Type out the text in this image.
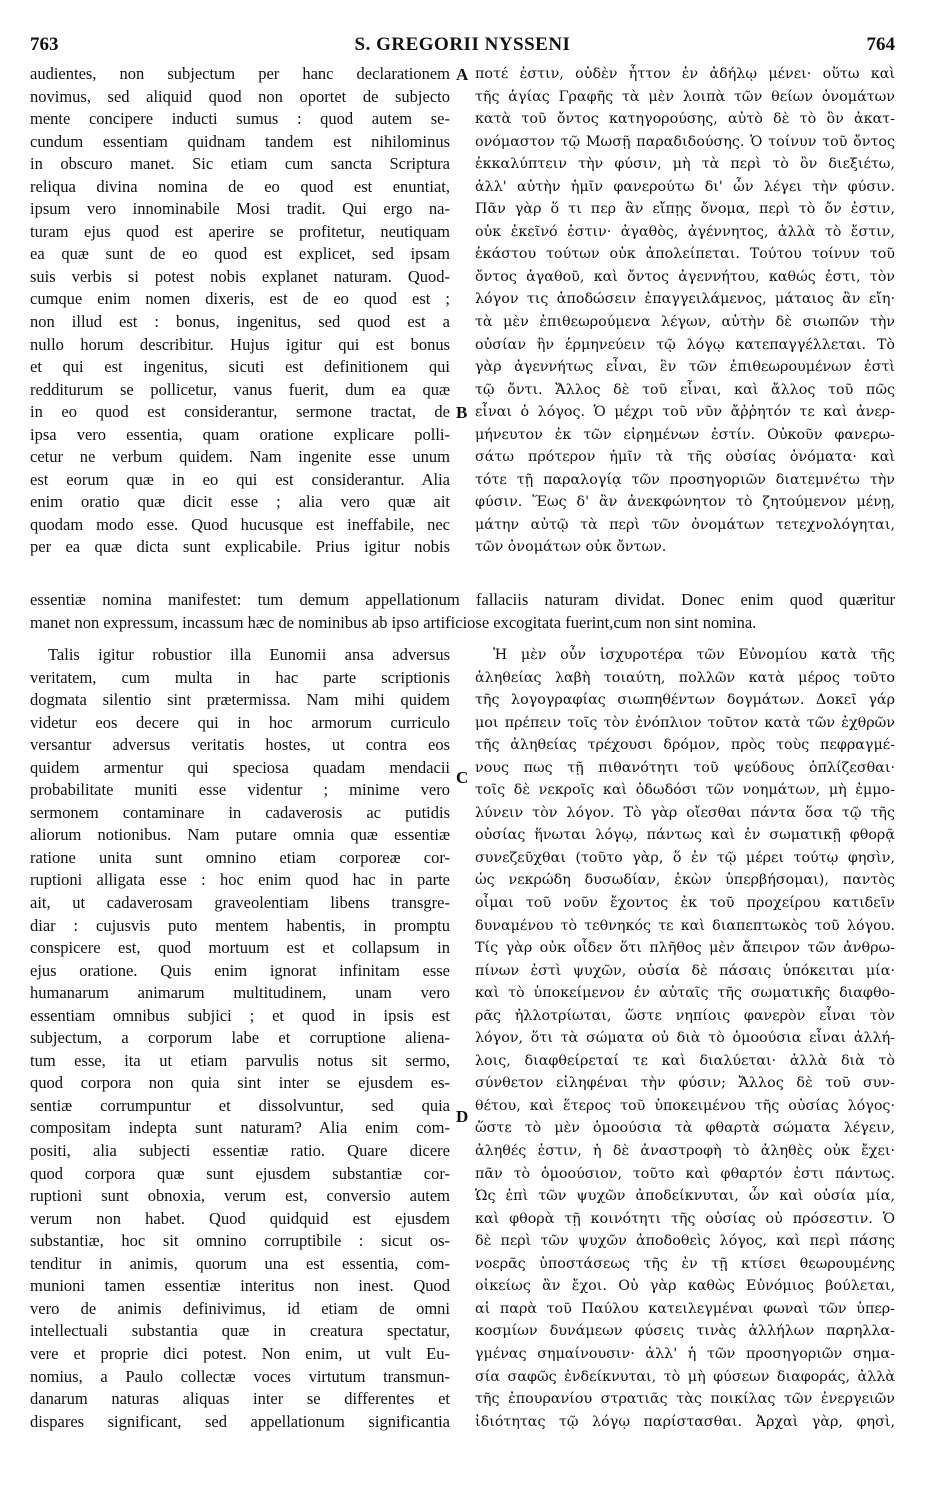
763	S. GREGORII NYSSENI	764
audientes, non subjectum per hanc declarationem
novimus, sed aliquid quod non oportet de subjecto
mente concipere inducti sumus : quod autem se-
cundum essentiam quidnam tandem est nihilominus
in obscuro manet. Sic etiam cum sancta Scriptura
reliqua divina nomina de eo quod est enuntiat,
ipsum vero innominabile Mosi tradit. Qui ergo na-
turam ejus quod est aperire se profitetur, neutiquam
ea quæ sunt de eo quod est explicet, sed ipsam
suis verbis si potest nobis explanet naturam. Quod-
cumque enim nomen dixeris, est de eo quod est ;
non illud est : bonus, ingenitus, sed quod est a
nullo horum describitur. Hujus igitur qui est bonus
et qui est ingenitus, sicuti est definitionem qui
redditurum se pollicetur, vanus fuerit, dum ea quæ
in eo quod est considerantur, sermone tractat, de
ipsa vero essentia, quam oratione explicare polli-
cetur ne verbum quidem. Nam ingenite esse unum
est eorum quæ in eo qui est considerantur. Alia
enim oratio quæ dicit esse ; alia vero quæ ait
quodam modo esse. Quod hucusque est ineffabile, nec
per ea quæ dicta sunt explicabile. Prius igitur nobis
ποτέ ἐστιν, οὐδὲν ἧττον ἐν ἀδήλῳ μένει· οὕτω καὶ
τῆς ἁγίας Γραφῆς τὰ μὲν λοιπὰ τῶν θείων ὀνομάτων
κατὰ τοῦ ὄντος κατηγορούσης, αὐτὸ δὲ τὸ ὂν ἀκατ-
ονόμαστον τῷ Μωσῇ παραδιδούσης. Ὁ τοίνυν τοῦ ὄντος
ἐκκαλύπτειν τὴν φύσιν, μὴ τὰ περὶ τὸ ὂν διεξιέτω,
ἀλλ' αὐτὴν ἡμῖν φανερούτω δι' ὧν λέγει τὴν φύσιν.
Πᾶν γὰρ ὅ τι περ ἂν εἴπῃς ὄνομα, περὶ τὸ ὄν ἐστιν,
οὐκ ἐκεῖνό ἐστιν· ἀγαθὸς, ἀγέννητος, ἀλλὰ τὸ ἔστιν,
ἑκάστου τούτων οὐκ ἀπολείπεται. Τούτου τοίνυν τοῦ
ὄντος ἀγαθοῦ, καὶ ὄντος ἀγεννήτου, καθώς ἐστι, τὸν
λόγον τις ἀποδώσειν ἐπαγγειλάμενος, μάταιος ἂν εἴη·
τὰ μὲν ἐπιθεωρούμενα λέγων, αὐτὴν δὲ σιωπῶν τὴν
οὐσίαν ἣν ἑρμηνεύειν τῷ λόγῳ κατεπαγγέλλεται. Τὸ
γὰρ ἀγεννήτως εἶναι, ἓν τῶν ἐπιθεωρουμένων ἐστὶ
τῷ ὄντι. Ἄλλος δὲ τοῦ εἶναι, καὶ ἄλλος τοῦ πῶς
εἶναι ὁ λόγος. Ὁ μέχρι τοῦ νῦν ἄῤῥητόν τε καὶ ἀνερ-
μήνευτον ἐκ τῶν εἰρημένων ἐστίν. Οὐκοῦν φανερω-
σάτω πρότερον ἡμῖν τὰ τῆς οὐσίας ὀνόματα· καὶ
τότε τῇ παραλογίᾳ τῶν προσηγοριῶν διατεμνέτω τὴν
φύσιν. Ἕως δ' ἂν ἀνεκφώνητον τὸ ζητούμενον μένῃ,
μάτην αὐτῷ τὰ περὶ τῶν ὀνομάτων τετεχνολόγηται,
τῶν ὀνομάτων οὐκ ὄντων.
essentiæ nomina manifestet: tum demum appellationum fallaciis naturam dividat. Donec enim quod quæritur
manet non expressum, incassum hæc de nominibus ab ipso artificiose excogitata fuerint,cum non sint nomina.
Talis igitur robustior illa Eunomii ansa adversus
veritatem, cum multa in hac parte scriptionis
dogmata silentio sint prætermissa. Nam mihi quidem
videtur eos decere qui in hoc armorum curriculo
versantur adversus veritatis hostes, ut contra eos
quidem armentur qui speciosa quadam mendacii
probabilitate muniti esse videntur ; minime vero
sermonem contaminare in cadaverosis ac putidis
aliorum notionibus. Nam putare omnia quæ essentiæ
ratione unita sunt omnino etiam corporeæ cor-
ruptioni alligata esse : hoc enim quod hac in parte
ait, ut cadaverosam graveolentiam libens transgre-
diar : cujusvis puto mentem habentis, in promptu
conspicere est, quod mortuum est et collapsum in
ejus oratione. Quis enim ignorat infinitam esse
humanarum animarum multitudinem, unam vero
essentiam omnibus subjici ; et quod in ipsis est
subjectum, a corporum labe et corruptione aliena-
tum esse, ita ut etiam parvulis notus sit sermo,
quod corpora non quia sint inter se ejusdem es-
sentiæ corrumpuntur et dissolvuntur, sed quia
compositam indepta sunt naturam? Alia enim com-
positi, alia subjecti essentiæ ratio. Quare dicere
quod corpora quæ sunt ejusdem substantiæ cor-
ruptioni sunt obnoxia, verum est, conversio autem
verum non habet. Quod quidquid est ejusdem
substantiæ, hoc sit omnino corruptibile : sicut os-
tenditur in animis, quorum una est essentia, com-
munioni tamen essentiæ interitus non inest. Quod
vero de animis definivimus, id etiam de omni
intellectuali substantia quæ in creatura spectatur,
vere et proprie dici potest. Non enim, ut vult Eu-
nomius, a Paulo collectæ voces virtutum transmun-
danarum naturas aliquas inter se differentes et
dispares significant, sed appellationum significantia
Ἡ μὲν οὖν ἰσχυροτέρα τῶν Εὐνομίου κατὰ τῆς
ἀληθείας λαβὴ τοιαύτη, πολλῶν κατὰ μέρος τοῦτο
τῆς λογογραφίας σιωπηθέντων δογμάτων. Δοκεῖ γάρ
μοι πρέπειν τοῖς τὸν ἐνόπλιον τοῦτον κατὰ τῶν ἐχθρῶν
τῆς ἀληθείας τρέχουσι δρόμον, πρὸς τοὺς πεφραγμέ-
νους πως τῇ πιθανότητι τοῦ ψεύδους ὁπλίζεσθαι·
τοῖς δὲ νεκροῖς καὶ ὀδωδόσι τῶν νοημάτων, μὴ ἐμμο-
λύνειν τὸν λόγον. Τὸ γὰρ οἴεσθαι πάντα ὅσα τῷ τῆς
οὐσίας ἥνωται λόγῳ, πάντως καὶ ἐν σωματικῇ φθορᾷ
συνεζεῦχθαι (τοῦτο γὰρ, ὅ ἐν τῷ μέρει τούτῳ φησὶν,
ὡς νεκρώδη δυσωδίαν, ἑκὼν ὑπερβήσομαι), παντὸς
οἶμαι τοῦ νοῦν ἔχοντος ἐκ τοῦ προχείρου κατιδεῖν
δυναμένου τὸ τεθνηκός τε καὶ διαπεπτωκὸς τοῦ λόγου.
Τίς γὰρ οὐκ οἶδεν ὅτι πλῆθος μὲν ἄπειρον τῶν ἀνθρω-
πίνων ἐστὶ ψυχῶν, οὐσία δὲ πάσαις ὑπόκειται μία·
καὶ τὸ ὑποκείμενον ἐν αὐταῖς τῆς σωματικῆς διαφθο-
ρᾶς ἠλλοτρίωται, ὥστε νηπίοις φανερὸν εἶναι τὸν
λόγον, ὅτι τὰ σώματα οὐ διὰ τὸ ὁμοούσια εἶναι ἀλλή-
λοις, διαφθείρεταί τε καὶ διαλύεται· ἀλλὰ διὰ τὸ
σύνθετον εἰληφέναι τὴν φύσιν; Ἄλλος δὲ τοῦ συν-
θέτου, καὶ ἕτερος τοῦ ὑποκειμένου τῆς οὐσίας λόγος·
ὥστε τὸ μὲν ὁμοούσια τὰ φθαρτὰ σώματα λέγειν,
ἀληθές ἐστιν, ἡ δὲ ἀναστροφὴ τὸ ἀληθὲς οὐκ ἔχει·
πᾶν τὸ ὁμοούσιον, τοῦτο καὶ φθαρτόν ἐστι πάντως.
Ὡς ἐπὶ τῶν ψυχῶν ἀποδείκνυται, ὧν καὶ οὐσία μία,
καὶ φθορὰ τῇ κοινότητι τῆς οὐσίας οὐ πρόσεστιν. Ὁ
δὲ περὶ τῶν ψυχῶν ἀποδοθεὶς λόγος, καὶ περὶ πάσης
νοερᾶς ὑποστάσεως τῆς ἐν τῇ κτίσει θεωρουμένης
οἰκείως ἂν ἔχοι. Οὐ γὰρ καθὼς Εὐνόμιος βούλεται,
αἱ παρὰ τοῦ Παύλου κατειλεγμέναι φωναὶ τῶν ὑπερ-
κοσμίων δυνάμεων φύσεις τινὰς ἀλλήλων παρηλλα-
γμένας σημαίνουσιν· ἀλλ' ἡ τῶν προσηγοριῶν σημα-
σία σαφῶς ἐνδείκνυται, τὸ μὴ φύσεων διαφοράς, ἀλλὰ
τῆς ἐπουρανίου στρατιᾶς τὰς ποικίλας τῶν ἐνεργειῶν
ἰδιότητας τῷ λόγῳ παρίστασθαι. Ἀρχαὶ γὰρ, φησὶ,
A
B
C
D
